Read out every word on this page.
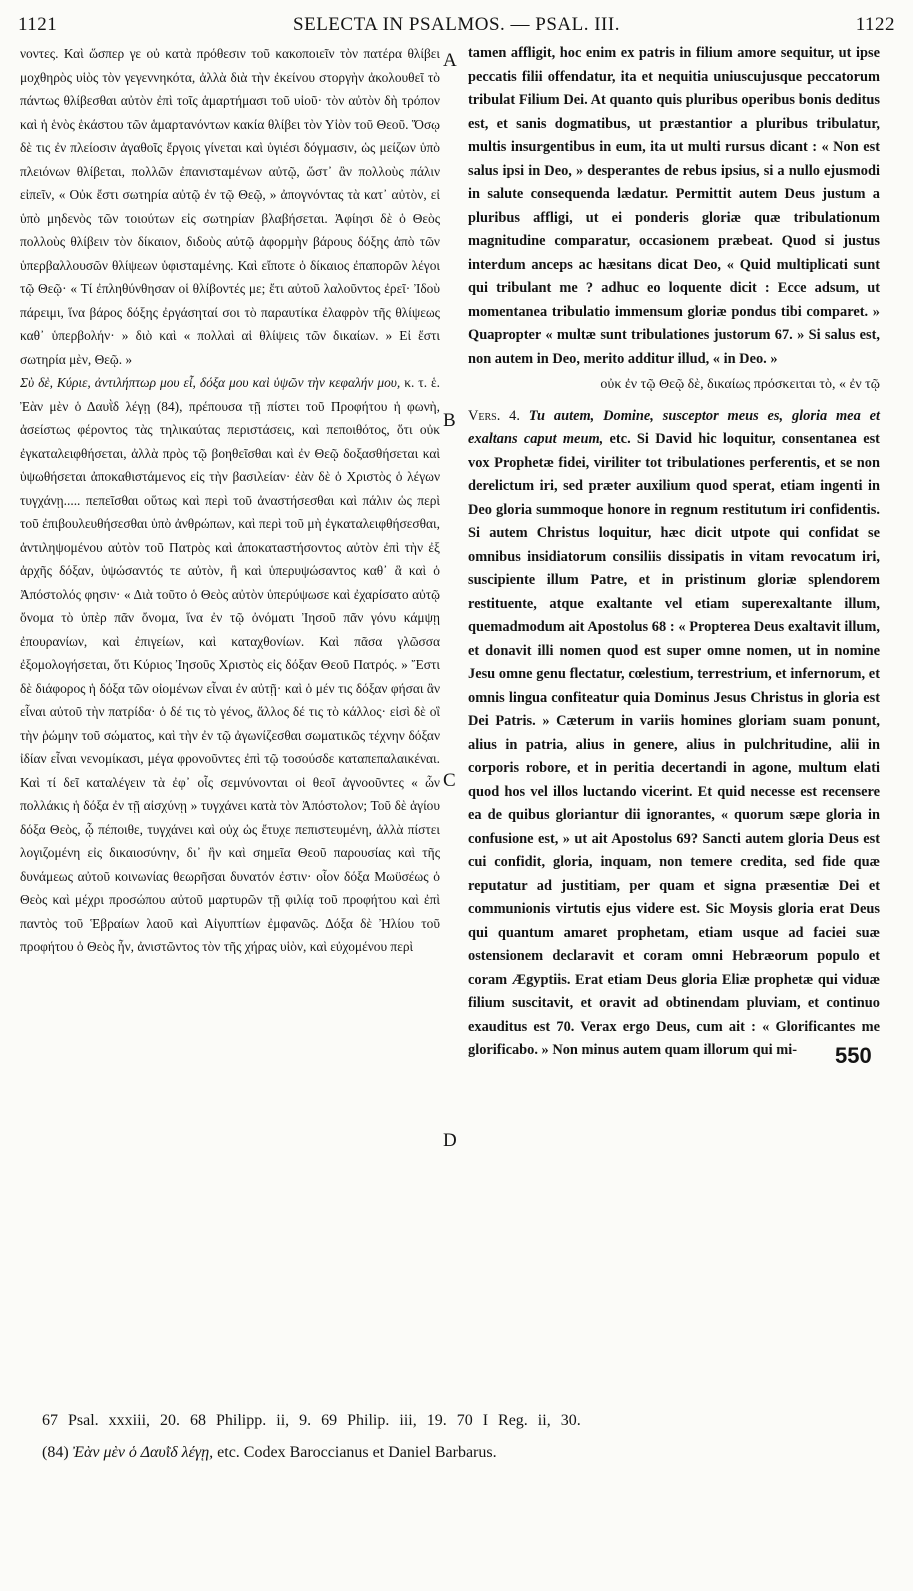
1121	SELECTA IN PSALMOS. — PSAL. III.	1122

νοντες. Καὶ ὥσπερ γε οὐ κατὰ πρόθεσιν τοῦ κακοποιεῖν τὸν πατέρα θλίβει μοχθηρὸς υἱὸς τὸν γεγεννηκότα, ἀλλὰ διὰ τὴν ἐκείνου στοργὴν ἀκολουθεῖ τὸ πάντως θλίβεσθαι αὐτὸν ἐπὶ τοῖς ἁμαρτήμασι τοῦ υἱοῦ· τὸν αὐτὸν δὴ τρόπον καὶ ἡ ἑνὸς ἑκάστου τῶν ἁμαρτανόντων κακία θλίβει τὸν Υἱὸν τοῦ Θεοῦ. Ὅσῳ δὲ τις ἐν πλείοσιν ἀγαθοῖς ἔργοις γίνεται καὶ ὑγιέσι δόγμασιν, ὡς μείζων ὑπὸ πλειόνων θλίβεται, πολλῶν ἐπανισταμένων αὐτῷ, ὥστ᾽ ἂν πολλοὺς πάλιν εἰπεῖν, « Οὐκ ἔστι σωτηρία αὐτῷ ἐν τῷ Θεῷ, » ἀπογνόντας τὰ κατ᾽ αὐτὸν, εἰ ὑπὸ μηδενὸς τῶν τοιούτων εἰς σωτηρίαν βλαβήσεται. Ἀφίησι δὲ ὁ Θεὸς πολλοὺς θλίβειν τὸν δίκαιον, διδοὺς αὐτῷ ἀφορμὴν βάρους δόξης ἀπὸ τῶν ὑπερβαλλουσῶν θλίψεων ὑφισταμένης. Καὶ εἴποτε ὁ δίκαιος ἐπαπορῶν λέγοι τῷ Θεῷ· « Τί ἐπληθύνθησαν οἱ θλίβοντές με; ἔτι αὐτοῦ λαλοῦντος ἐρεῖ· Ἰδοὺ πάρειμι, ἵνα βάρος δόξης ἐργάσηταί σοι τὸ παραυτίκα ἐλαφρὸν τῆς θλίψεως καθ᾽ ὑπερβολήν· » διὸ καὶ « πολλαὶ αἱ θλίψεις τῶν δικαίων. » Εἰ ἔστι σωτηρία μὲν, Θεῷ. »

Σὺ δὲ, Κύριε, ἀντιλήπτωρ μου εἶ, δόξα μου καὶ ὑψῶν τὴν κεφαλήν μου, κ. τ. ἑ. Ἐὰν μὲν ὁ Δαυῒδ λέγῃ (84), πρέπουσα τῇ πίστει τοῦ Προφήτου ἡ φωνὴ, ἀσείστως φέροντος τὰς τηλικαύτας περιστάσεις, καὶ πεποιθότος, ὅτι οὐκ ἐγκαταλειφθήσεται, ἀλλὰ πρὸς τῷ βοηθεῖσθαι καὶ ἐν Θεῷ δοξασθήσεται καὶ ὑψωθήσεται ἀποκαθιστάμενος εἰς τὴν βασιλείαν· ἐὰν δὲ ὁ Χριστὸς ὁ λέγων τυγχάνῃ..... πεπεῖσθαι οὕτως καὶ περὶ τοῦ ἀναστήσεσθαι καὶ πάλιν ὡς περὶ τοῦ ἐπιβουλευθήσεσθαι ὑπὸ ἀνθρώπων, καὶ περὶ τοῦ μὴ ἐγκαταλειφθήσεσθαι, ἀντιληψομένου αὐτὸν τοῦ Πατρὸς καὶ ἀποκαταστήσοντος αὐτὸν ἐπὶ τὴν ἐξ ἀρχῆς δόξαν, ὑψώσαντός τε αὐτὸν, ἢ καὶ ὑπερυψώσαντος καθ᾽ ἃ καὶ ὁ Ἀπόστολός φησιν· « Διὰ τοῦτο ὁ Θεὸς αὐτὸν ὑπερύψωσε καὶ ἐχαρίσατο αὐτῷ ὄνομα τὸ ὑπὲρ πᾶν ὄνομα, ἵνα ἐν τῷ ὀνόματι Ἰησοῦ πᾶν γόνυ κάμψῃ ἐπουρανίων, καὶ ἐπιγείων, καὶ καταχθονίων. Καὶ πᾶσα γλῶσσα ἐξομολογήσεται, ὅτι Κύριος Ἰησοῦς Χριστὸς εἰς δόξαν Θεοῦ Πατρός. » Ἔστι δὲ διάφορος ἡ δόξα τῶν οἰομένων εἶναι ἐν αὐτῇ· καὶ ὁ μέν τις δόξαν φήσαι ἂν εἶναι αὐτοῦ τὴν πατρίδα· ὁ δέ τις τὸ γένος, ἄλλος δέ τις τὸ κάλλος· εἰσὶ δὲ οἳ τὴν ῥώμην τοῦ σώματος, καὶ τὴν ἐν τῷ ἀγωνίζεσθαι σωματικῶς τέχνην δόξαν ἰδίαν εἶναι νενομίκασι, μέγα φρονοῦντες ἐπὶ τῷ τοσούσδε καταπεπαλαικέναι. Καὶ τί δεῖ καταλέγειν τὰ ἐφ᾽ οἷς σεμνύνονται οἱ θεοῖ ἀγνοοῦντες « ὧν πολλάκις ἡ δόξα ἐν τῇ αἰσχύνῃ » τυγχάνει κατὰ τὸν Ἀπόστολον; Τοῦ δὲ ἁγίου δόξα Θεὸς, ᾧ πέποιθε, τυγχάνει καὶ οὐχ ὡς ἔτυχε πεπιστευμένη, ἀλλὰ πίστει λογιζομένη εἰς δικαιοσύνην, δι᾽ ἣν καὶ σημεῖα Θεοῦ παρουσίας καὶ τῆς δυνάμεως αὐτοῦ κοινωνίας θεωρῆσαι δυνατόν ἐστιν· οἷον δόξα Μωϋσέως ὁ Θεὸς καὶ μέχρι προσώπου αὐτοῦ μαρτυρῶν τῇ φιλίᾳ τοῦ προφήτου καὶ ἐπὶ παντὸς τοῦ Ἑβραίων λαοῦ καὶ Αἰγυπτίων ἐμφανῶς. Δόξα δὲ Ἠλίου τοῦ προφήτου ὁ Θεὸς ἦν, ἀνιστῶντος τὸν τῆς χήρας υἱὸν, καὶ εὐχομένου περὶ

tamen affligit, hoc enim ex patris in filium amore sequitur, ut ipse peccatis filii offendatur, ita et nequitia uniuscujusque peccatorum tribulat Filium Dei. At quanto quis pluribus operibus bonis deditus est, et sanis dogmatibus, ut præstantior a pluribus tribulatur, multis insurgentibus in eum, ita ut multi rursus dicant : « Non est salus ipsi in Deo, » desperantes de rebus ipsius, si a nullo ejusmodi in salute consequenda lædatur. Permittit autem Deus justum a pluribus affligi, ut ei ponderis gloriæ quæ tribulationum magnitudine comparatur, occasionem præbeat. Quod si justus interdum anceps ac hæsitans dicat Deo, « Quid multiplicati sunt qui tribulant me ? adhuc eo loquente dicit : Ecce adsum, ut momentanea tribulatio immensum gloriæ pondus tibi comparet. » Quapropter « multæ sunt tribulationes justorum 67. » Si salus est, non autem in Deo, merito additur illud, « in Deo. »

οὐκ ἐν τῷ Θεῷ δὲ, δικαίως πρόσκειται τὸ, « ἐν τῷ

Vers. 4. Tu autem, Domine, susceptor meus es, gloria mea et exaltans caput meum, etc. Si David hic loquitur, consentanea est vox Prophetæ fidei, viriliter tot tribulationes perferentis, et se non derelictum iri, sed præter auxilium quod sperat, etiam ingenti in Deo gloria summoque honore in regnum restitutum iri confidentis. Si autem Christus loquitur, hæc dicit utpote qui confidat se omnibus insidiatorum consiliis dissipatis in vitam revocatum iri, suscipiente illum Patre, et in pristinum gloriæ splendorem restituente, atque exaltante vel etiam superexaltante illum, quemadmodum ait Apostolus 68 : « Propterea Deus exaltavit illum, et donavit illi nomen quod est super omne nomen, ut in nomine Jesu omne genu flectatur, cœlestium, terrestrium, et infernorum, et omnis lingua confiteatur quia Dominus Jesus Christus in gloria est Dei Patris. » Cæterum in variis homines gloriam suam ponunt, alius in patria, alius in genere, alius in pulchritudine, alii in corporis robore, et in peritia decertandi in agone, multum elati quod hos vel illos luctando vicerint. Et quid necesse est recensere ea de quibus gloriantur dii ignorantes, « quorum sæpe gloria in confusione est, » ut ait Apostolus 69? Sancti autem gloria Deus est cui confidit, gloria, inquam, non temere credita, sed fide quæ reputatur ad justitiam, per quam et signa præsentiæ Dei et communionis virtutis ejus videre est. Sic Moysis gloria erat Deus qui quantum amaret prophetam, etiam usque ad faciei suæ ostensionem declaravit et coram omni Hebræorum populo et coram Ægyptiis. Erat etiam Deus gloria Eliæ prophetæ qui viduæ filium suscitavit, et oravit ad obtinendam pluviam, et continuo exauditus est 70. Verax ergo Deus, cum ait : « Glorificantes me glorificabo. » Non minus autem quam illorum qui mi-

A
B
C
D
550
67 Psal. xxxiii, 20. 68 Philipp. ii, 9. 69 Philip. iii, 19. 70 I Reg. ii, 30.
(84) Ἐὰν μὲν ὁ Δαυῒδ λέγῃ, etc. Codex Baroccianus et Daniel Barbarus.
